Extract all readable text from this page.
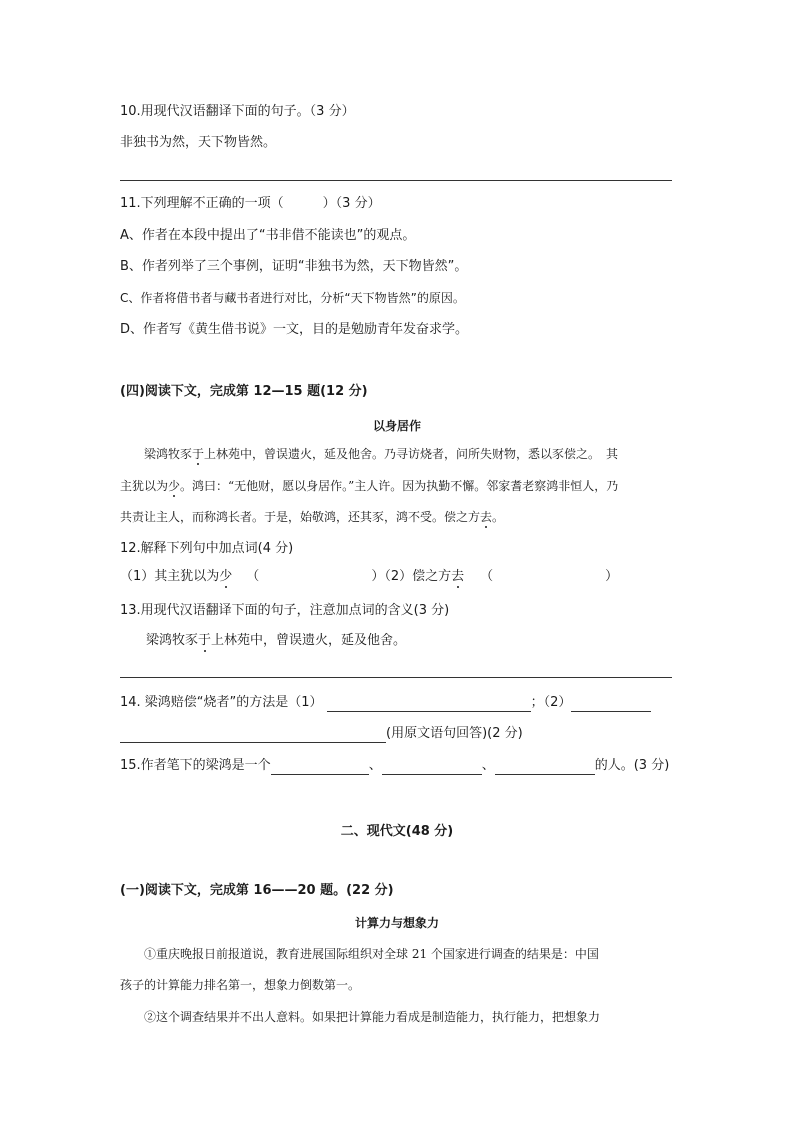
10.用现代汉语翻译下面的句子。（3 分）
非独书为然，天下物皆然。
11.下列理解不正确的一项（　　　）（3 分）
A、作者在本段中提出了“书非借不能读也”的观点。
B、作者列举了三个事例，证明“非独书为然，天下物皆然”。
C、作者将借书者与藏书者进行对比，分析“天下物皆然”的原因。
D、作者写《黄生借书说》一文，目的是勉励青年发奋求学。
(四)阅读下文，完成第 12—15 题(12 分)
以身居作
梁鸿牧豕于上林苑中，曾误遗火，延及他舍。乃寻访烧者，问所失财物，悉以豕偿之。　其
主犹以为少。鸿曰：“无他财，愿以身居作。”主人许。因为执勤不懈。邻家耆老察鸿非恒人，乃
共责让主人，而称鸿长者。于是，始敬鸿，还其豕，鸿不受。偿之方去。
12.解释下列句中加点词(4 分)
（1）其主犹以为少 （	）（2）偿之方去 （	）
13.用现代汉语翻译下面的句子，注意加点词的含义(3 分)
梁鸿牧豕于上林苑中，曾误遗火，延及他舍。
14. 梁鸿赔偿“烧者”的方法是（1）	；（2）
(用原文语句回答)(2 分)
15.作者笔下的梁鸿是一个	、	、	的人。(3 分)
二、现代文(48 分)
(一)阅读下文，完成第 16——20 题。(22 分)
计算力与想象力
①重庆晚报日前报道说，教育进展国际组织对全球 21 个国家进行调查的结果是：中国
孩子的计算能力排名第一，想象力倒数第一。
②这个调查结果并不出人意料。如果把计算能力看成是制造能力，执行能力，把想象力
